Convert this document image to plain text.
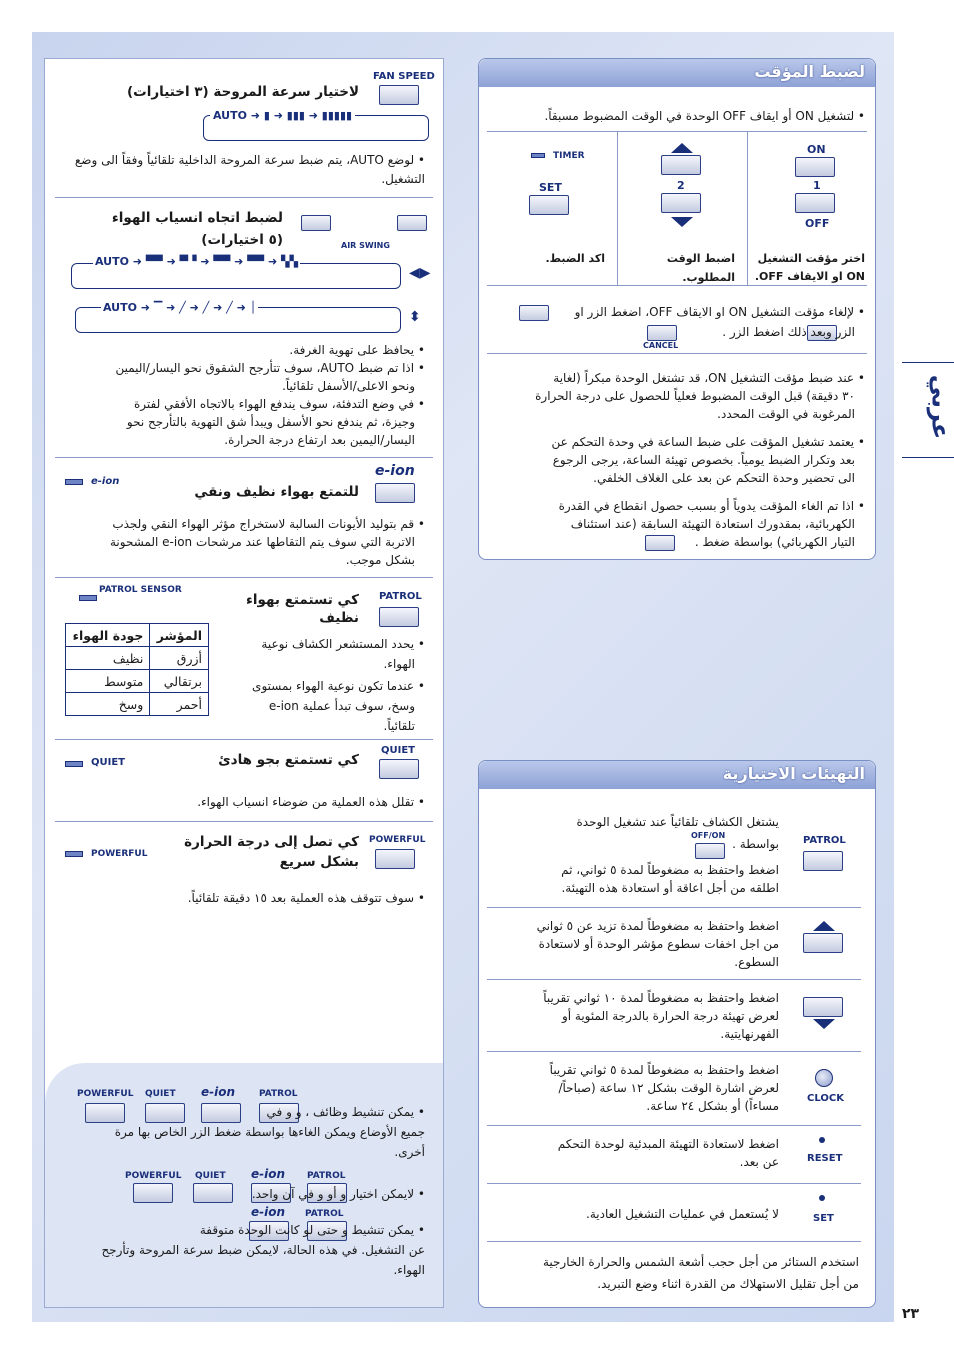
عربي
٢٣
FAN SPEED
لاختيار سرعة المروحة (٣ اختيارات)
AUTO ➜ ▮ ➜ ▮▮▮ ➜ ▮▮▮▮▮
• لوضع AUTO، يتم ضبط سرعة المروحة الداخلية تلقائياً وفقاً الى وضع التشغيل.
AIR SWING
لضبط اتجاه انسياب الهواء
(٥ اختيارات)
AUTO ➜ ▀▀ ➜ ▀▝ ➜ ▀▀ ➜ ▀▀ ➜ ▚▚
◀▶
AUTO ➜ ▔ ➜ ╱ ➜ ╱ ➜ ╱ ➜ │
⬍
• يحافظ على تهوية الغرفة.
• اذا تم ضبط AUTO، سوف تتأرجح الشقوق نحو اليسار/اليمين
ونحو الاعلى/الأسفل تلقائياً.
• في وضع التدفئة، سوف يندفع الهواء بالاتجاه الأفقي لفترة
وجيزة، ثم يندفع نحو الأسفل ويبدأ شق التهوية بالتأرجح نحو
اليسار/اليمين بعد ارتفاع درجة الحرارة.
e-ion
e-ion
للتمتع بهواء نظيف ونقي
• قم بتوليد الأيونات السالبة لاستخراج مؤثر الهواء النقي ولجذب
الاتربة التي سوف يتم التقاطها عند مرشحات e-ion المشحونة
بشكل موجب.
PATROL SENSOR
PATROL
كي تستمتع بهواء
نظيف
المؤشر	جودة الهواء
أزرق	نظيف
برتقالي	متوسط
أحمر	وسخ
• يحدد المستشعر الكشاف نوعية
الهواء.
• عندما تكون نوعية الهواء بمستوى
وسخ، سوف تبدأ عملية e-ion
تلقائياً.
QUIET
QUIET
كي تستمتع بجو هادئ
• تقلل هذه العملية من ضوضاء انسياب الهواء.
POWERFUL
POWERFUL
كي تصل إلى درجة الحرارة
بشكل سريع
• سوف تتوقف هذه العملية بعد ١٥ دقيقة تلقائياً.
POWERFUL QUIET e-ion	PATROL
• يمكن تنشيط وظائف ، و و في
جميع الأوضاع ويمكن الغاءها بواسطة ضغط الزر الخاص بها مرة
أخرى.
POWERFUL QUIET e-ion PATROL
• لايمكن اختيار و أو و في آن واحد.
e-ion PATROL
• يمكن تنشيط و حتى لو كانت الوحدة متوقفة
عن التشغيل. في هذه الحالة، لايمكن ضبط سرعة المروحة وتأرجح
الهواء.
لضبط المؤقت
• لتشغيل ON أو ايقاف OFF الوحدة في الوقت المضبوط مسبقاً.
ON
1
OFF
اختر مؤقت التشغيل
ON او الايقاف OFF.
2
اضبط الوقت المطلوب.
TIMER
SET
اكد الضبط.
• لإلغاء مؤقت التشغيل ON او الايقاف OFF، اضغط الزر او
CANCEL
الزر وبعد ذلك اضغط الزر .
• عند ضبط مؤقت التشغيل ON، قد تشتغل الوحدة مبكراً (لغاية
٣٠ دقيقة) قبل الوقت المضبوط فعلياً للحصول على درجة الحرارة
المرغوبة في الوقت المحدد.
• يعتمد تشغيل المؤقت على ضبط الساعة في وحدة التحكم عن
بعد وتكرار الضبط يومياً. بخصوص تهيئة الساعة، يرجى الرجوع
الى تحضير وحدة التحكم عن بعد على الغلاف الخلفي.
• اذا تم الغاء المؤقت يدوياً أو بسبب حصول انقطاع في القدرة
الكهربائية، بمقدورك استعادة التهيئة السابقة (عند استئناف
التيار الكهربائي) بواسطة ضغط .
التهيئات الاختيارية
PATROL
يشتغل الكشاف تلقائياً عند تشغيل الوحدة
OFF/ON
بواسطة .
اضغط واحتفظ به مضغوطاً لمدة ٥ ثواني، ثم
اطلقه من أجل اعاقة أو استعادة هذه التهيئة.
اضغط واحتفظ به مضغوطاً لمدة تزيد عن ٥ ثواني
من اجل اخفات سطوع مؤشر الوحدة أو لاستعادة
السطوع.
اضغط واحتفظ به مضغوطاً لمدة ١٠ ثواني تقريباً
لعرض تهيئة درجة الحرارة بالدرجة المئوية أو
الفهرنهايتية.
CLOCK
اضغط واحتفظ به مضغوطاً لمدة ٥ ثواني تقريباً
لعرض اشارة الوقت بشكل ١٢ ساعة (صباحاً/
مساءاً) أو بشكل ٢٤ ساعة.
RESET
اضغط لاستعادة التهيئة المبدئية لوحدة التحكم
عن بعد.
SET
لا يُستعمل في عمليات التشغيل العادية.
استخدم الستائر من أجل حجب أشعة الشمس والحرارة الخارجية
من أجل تقليل الاستهلاك من القدرة اثناء وضع التبريد.
